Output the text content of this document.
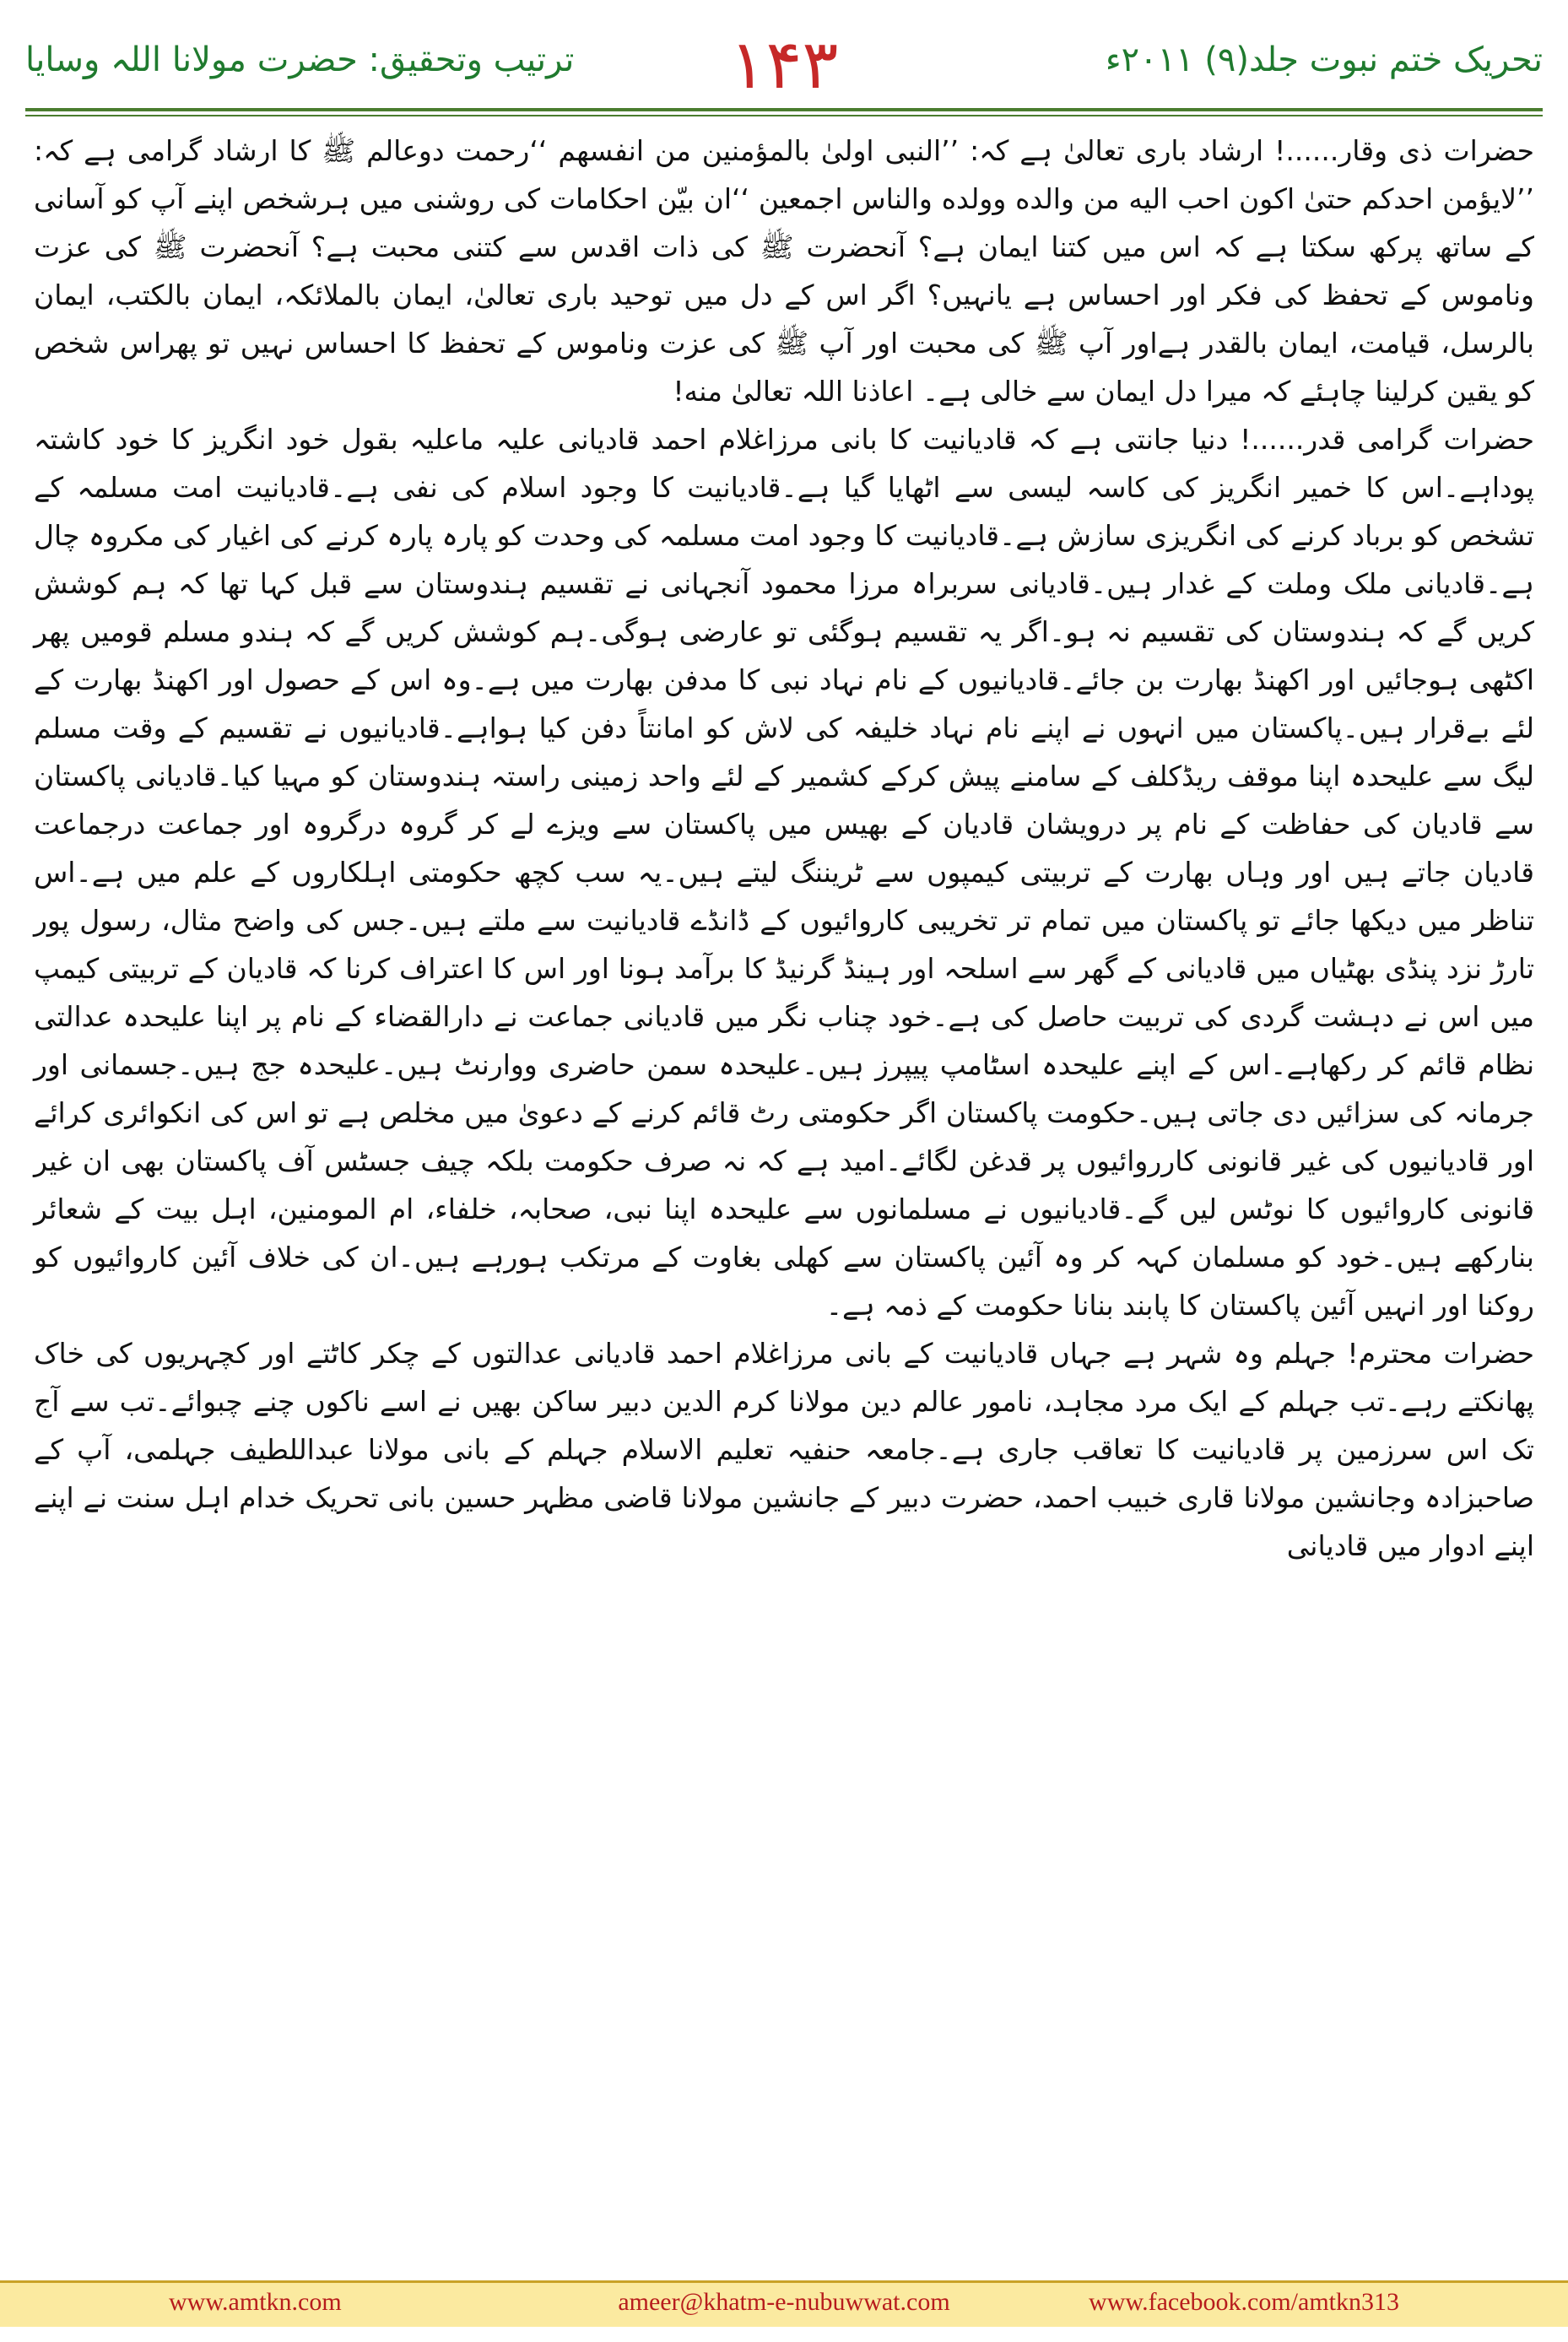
تحریک ختم نبوت جلد(۹) ۲۰۱۱ء
۱۴۳
ترتیب وتحقیق: حضرت مولانا اللہ وسایا

حضرات ذی وقار......! ارشاد باری تعالیٰ ہے کہ: ’’النبی اولیٰ بالمؤمنین من انفسهم ‘‘رحمت دوعالم ﷺ کا ارشاد گرامی ہے کہ: ’’لایؤمن احدکم حتیٰ اکون احب الیه من والده وولده والناس اجمعین ‘‘ان بیّن احکامات کی روشنی میں ہرشخص اپنے آپ کو آسانی کے ساتھ پرکھ سکتا ہے کہ اس میں کتنا ایمان ہے؟ آنحضرت ﷺ کی ذات اقدس سے کتنی محبت ہے؟ آنحضرت ﷺ کی عزت وناموس کے تحفظ کی فکر اور احساس ہے یانہیں؟ اگر اس کے دل میں توحید باری تعالیٰ، ایمان بالملائکہ، ایمان بالکتب، ایمان بالرسل، قیامت، ایمان بالقدر ہےاور آپ ﷺ کی محبت اور آپ ﷺ کی عزت وناموس کے تحفظ کا احساس نہیں تو پھراس شخص کو یقین کرلینا چاہئے کہ میرا دل ایمان سے خالی ہے۔ اعاذنا اللہ تعالیٰ منه!

حضرات گرامی قدر......! دنیا جانتی ہے کہ قادیانیت کا بانی مرزاغلام احمد قادیانی علیہ ماعلیہ بقول خود انگریز کا خود کاشتہ پوداہے۔اس کا خمیر انگریز کی کاسہ لیسی سے اٹھایا گیا ہے۔قادیانیت کا وجود اسلام کی نفی ہے۔قادیانیت امت مسلمہ کے تشخص کو برباد کرنے کی انگریزی سازش ہے۔قادیانیت کا وجود امت مسلمہ کی وحدت کو پارہ پارہ کرنے کی اغیار کی مکروہ چال ہے۔قادیانی ملک وملت کے غدار ہیں۔قادیانی سربراہ مرزا محمود آنجہانی نے تقسیم ہندوستان سے قبل کہا تھا کہ ہم کوشش کریں گے کہ ہندوستان کی تقسیم نہ ہو۔اگر یہ تقسیم ہوگئی تو عارضی ہوگی۔ہم کوشش کریں گے کہ ہندو مسلم قومیں پھر اکٹھی ہوجائیں اور اکھنڈ بھارت بن جائے۔قادیانیوں کے نام نہاد نبی کا مدفن بھارت میں ہے۔وہ اس کے حصول اور اکھنڈ بھارت کے لئے بےقرار ہیں۔پاکستان میں انہوں نے اپنے نام نہاد خلیفہ کی لاش کو امانتاً دفن کیا ہواہے۔قادیانیوں نے تقسیم کے وقت مسلم لیگ سے علیحدہ اپنا موقف ریڈکلف کے سامنے پیش کرکے کشمیر کے لئے واحد زمینی راستہ ہندوستان کو مہیا کیا۔قادیانی پاکستان سے قادیان کی حفاظت کے نام پر درویشان قادیان کے بھیس میں پاکستان سے ویزے لے کر گروہ درگروہ اور جماعت درجماعت قادیان جاتے ہیں اور وہاں بھارت کے تربیتی کیمپوں سے ٹریننگ لیتے ہیں۔یہ سب کچھ حکومتی اہلکاروں کے علم میں ہے۔اس تناظر میں دیکھا جائے تو پاکستان میں تمام تر تخریبی کاروائیوں کے ڈانڈے قادیانیت سے ملتے ہیں۔جس کی واضح مثال، رسول پور تارڑ نزد پنڈی بھٹیاں میں قادیانی کے گھر سے اسلحہ اور ہینڈ گرنیڈ کا برآمد ہونا اور اس کا اعتراف کرنا کہ قادیان کے تربیتی کیمپ میں اس نے دہشت گردی کی تربیت حاصل کی ہے۔خود چناب نگر میں قادیانی جماعت نے دارالقضاء کے نام پر اپنا علیحدہ عدالتی نظام قائم کر رکھاہے۔اس کے اپنے علیحدہ اسٹامپ پیپرز ہیں۔علیحدہ سمن حاضری ووارنٹ ہیں۔علیحدہ جج ہیں۔جسمانی اور جرمانہ کی سزائیں دی جاتی ہیں۔حکومت پاکستان اگر حکومتی رٹ قائم کرنے کے دعویٰ میں مخلص ہے تو اس کی انکوائری کرائے اور قادیانیوں کی غیر قانونی کارروائیوں پر قدغن لگائے۔امید ہے کہ نہ صرف حکومت بلکہ چیف جسٹس آف پاکستان بھی ان غیر قانونی کاروائیوں کا نوٹس لیں گے۔قادیانیوں نے مسلمانوں سے علیحدہ اپنا نبی، صحابہ، خلفاء، ام المومنین، اہل بیت کے شعائر بنارکھے ہیں۔خود کو مسلمان کہہ کر وہ آئین پاکستان سے کھلی بغاوت کے مرتکب ہورہے ہیں۔ان کی خلاف آئین کاروائیوں کو روکنا اور انہیں آئین پاکستان کا پابند بنانا حکومت کے ذمہ ہے۔

حضرات محترم! جہلم وہ شہر ہے جہاں قادیانیت کے بانی مرزاغلام احمد قادیانی عدالتوں کے چکر کاٹتے اور کچہریوں کی خاک پھانکتے رہے۔تب جہلم کے ایک مرد مجاہد، نامور عالم دین مولانا کرم الدین دبیر ساکن بھیں نے اسے ناکوں چنے چبوائے۔تب سے آج تک اس سرزمین پر قادیانیت کا تعاقب جاری ہے۔جامعہ حنفیہ تعلیم الاسلام جہلم کے بانی مولانا عبداللطیف جہلمی، آپ کے صاحبزادہ وجانشین مولانا قاری خبیب احمد، حضرت دبیر کے جانشین مولانا قاضی مظہر حسین بانی تحریک خدام اہل سنت نے اپنے اپنے ادوار میں قادیانی

www.amtkn.com	ameer@khatm-e-nubuwwat.com	www.facebook.com/amtkn313
